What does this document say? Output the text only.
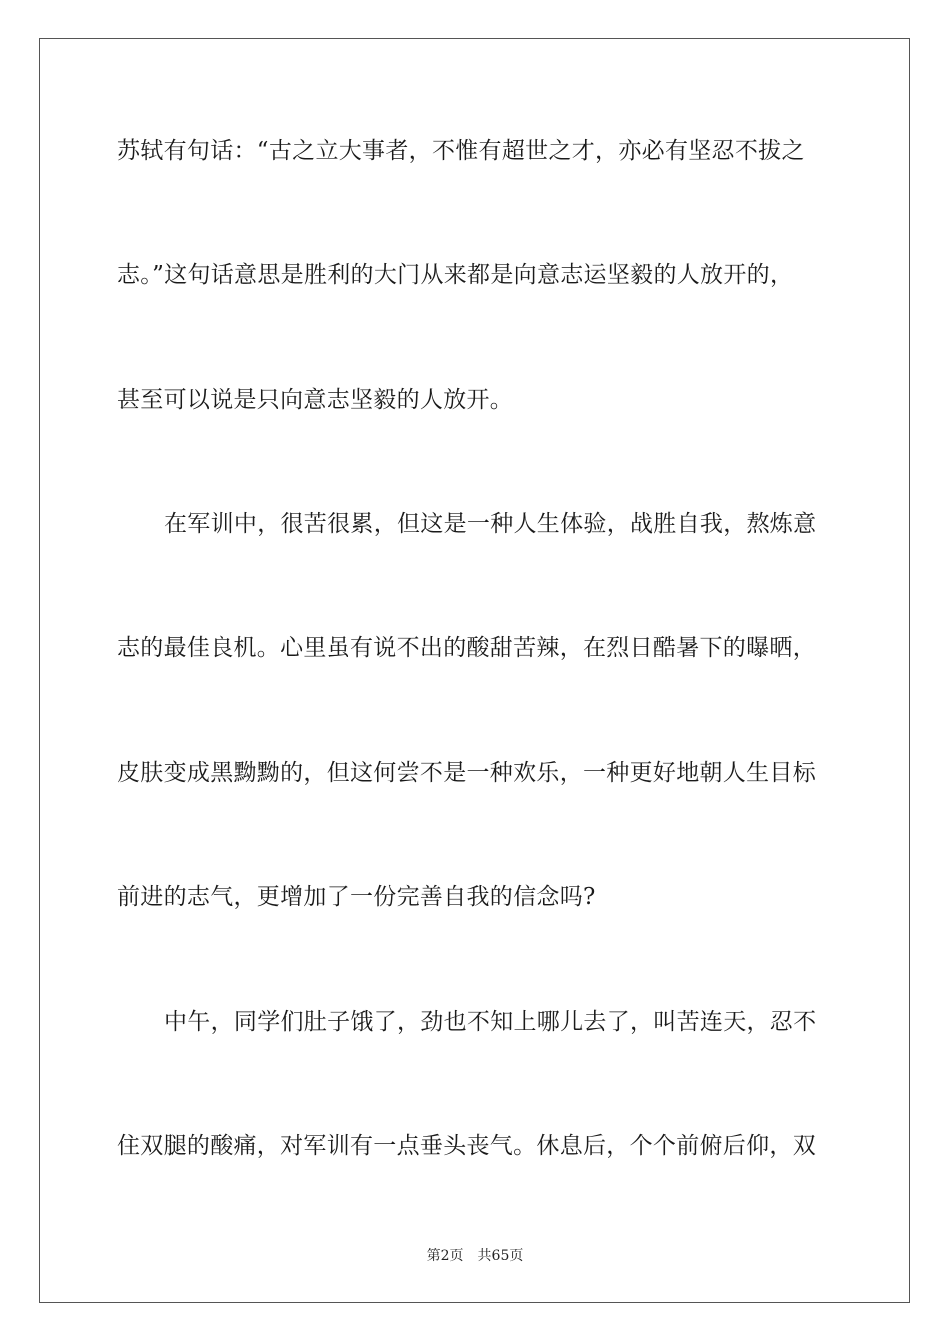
苏轼有句话：“古之立大事者，不惟有超世之才，亦必有坚忍不拔之
志。”这句话意思是胜利的大门从来都是向意志运坚毅的人放开的，
甚至可以说是只向意志坚毅的人放开。
在军训中，很苦很累，但这是一种人生体验，战胜自我，熬炼意
志的最佳良机。心里虽有说不出的酸甜苦辣，在烈日酷暑下的曝晒，
皮肤变成黑黝黝的，但这何尝不是一种欢乐，一种更好地朝人生目标
前进的志气，更增加了一份完善自我的信念吗?
中午，同学们肚子饿了，劲也不知上哪儿去了，叫苦连天，忍不
住双腿的酸痛，对军训有一点垂头丧气。休息后，个个前俯后仰，双
第2页 共65页
